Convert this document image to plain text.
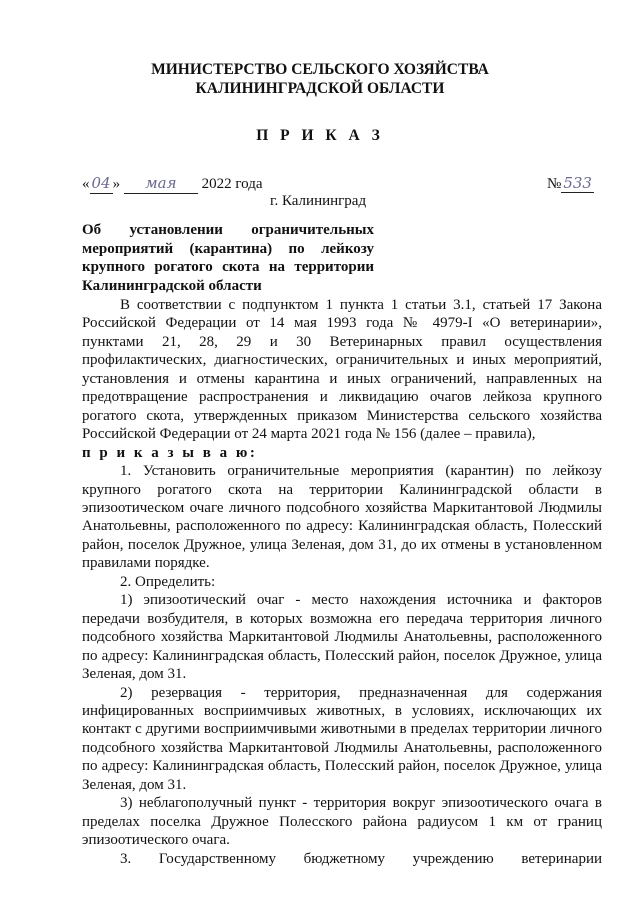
МИНИСТЕРСТВО СЕЛЬСКОГО ХОЗЯЙСТВА
КАЛИНИНГРАДСКОЙ ОБЛАСТИ
П Р И К А З
« 04 » мая 2022 года	№ 533
г. Калининград
Об установлении ограничительных мероприятий (карантина) по лейкозу крупного рогатого скота на территории Калининградской области

В соответствии с подпунктом 1 пункта 1 статьи 3.1, статьей 17 Закона Российской Федерации от 14 мая 1993 года № 4979-I «О ветеринарии», пунктами 21, 28, 29 и 30 Ветеринарных правил осуществления профилактических, диагностических, ограничительных и иных мероприятий, установления и отмены карантина и иных ограничений, направленных на предотвращение распространения и ликвидацию очагов лейкоза крупного рогатого скота, утвержденных приказом Министерства сельского хозяйства Российской Федерации от 24 марта 2021 года № 156 (далее – правила),

п р и к а з ы в а ю:

1. Установить ограничительные мероприятия (карантин) по лейкозу крупного рогатого скота на территории Калининградской области в эпизоотическом очаге личного подсобного хозяйства Маркитантовой Людмилы Анатольевны, расположенного по адресу: Калининградская область, Полесский район, поселок Дружное, улица Зеленая, дом 31, до их отмены в установленном правилами порядке.

2. Определить:

1) эпизоотический очаг - место нахождения источника и факторов передачи возбудителя, в которых возможна его передача территория личного подсобного хозяйства Маркитантовой Людмилы Анатольевны, расположенного по адресу: Калининградская область, Полесский район, поселок Дружное, улица Зеленая, дом 31.

2) резервация - территория, предназначенная для содержания инфицированных восприимчивых животных, в условиях, исключающих их контакт с другими восприимчивыми животными в пределах территории личного подсобного хозяйства Маркитантовой Людмилы Анатольевны, расположенного по адресу: Калининградская область, Полесский район, поселок Дружное, улица Зеленая, дом 31.

3) неблагополучный пункт - территория вокруг эпизоотического очага в пределах поселка Дружное Полесского района радиусом 1 км от границ эпизоотического очага.

3. Государственному бюджетному учреждению ветеринарии
